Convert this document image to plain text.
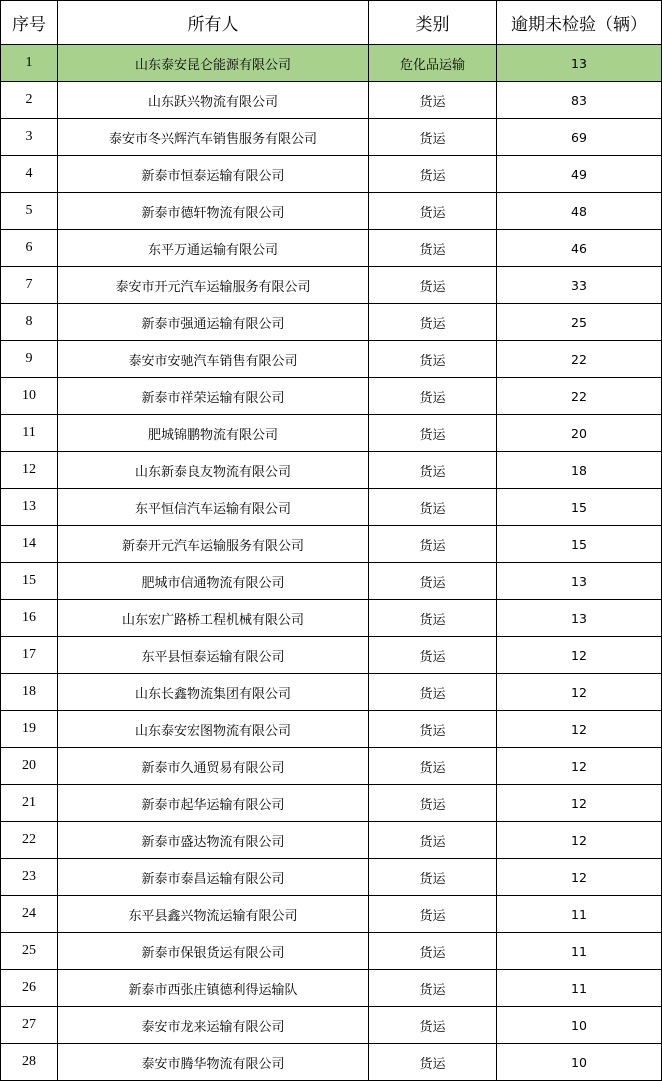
序号	所有人	类别	逾期未检验（辆）
1	山东泰安昆仑能源有限公司	危化品运输	13
2	山东跃兴物流有限公司	货运	83
3	泰安市冬兴辉汽车销售服务有限公司	货运	69
4	新泰市恒泰运输有限公司	货运	49
5	新泰市德轩物流有限公司	货运	48
6	东平万通运输有限公司	货运	46
7	泰安市开元汽车运输服务有限公司	货运	33
8	新泰市强通运输有限公司	货运	25
9	泰安市安驰汽车销售有限公司	货运	22
10	新泰市祥荣运输有限公司	货运	22
11	肥城锦鹏物流有限公司	货运	20
12	山东新泰良友物流有限公司	货运	18
13	东平恒信汽车运输有限公司	货运	15
14	新泰开元汽车运输服务有限公司	货运	15
15	肥城市信通物流有限公司	货运	13
16	山东宏广路桥工程机械有限公司	货运	13
17	东平县恒泰运输有限公司	货运	12
18	山东长鑫物流集团有限公司	货运	12
19	山东泰安宏图物流有限公司	货运	12
20	新泰市久通贸易有限公司	货运	12
21	新泰市起华运输有限公司	货运	12
22	新泰市盛达物流有限公司	货运	12
23	新泰市泰昌运输有限公司	货运	12
24	东平县鑫兴物流运输有限公司	货运	11
25	新泰市保银货运有限公司	货运	11
26	新泰市西张庄镇德利得运输队	货运	11
27	泰安市龙来运输有限公司	货运	10
28	泰安市腾华物流有限公司	货运	10
